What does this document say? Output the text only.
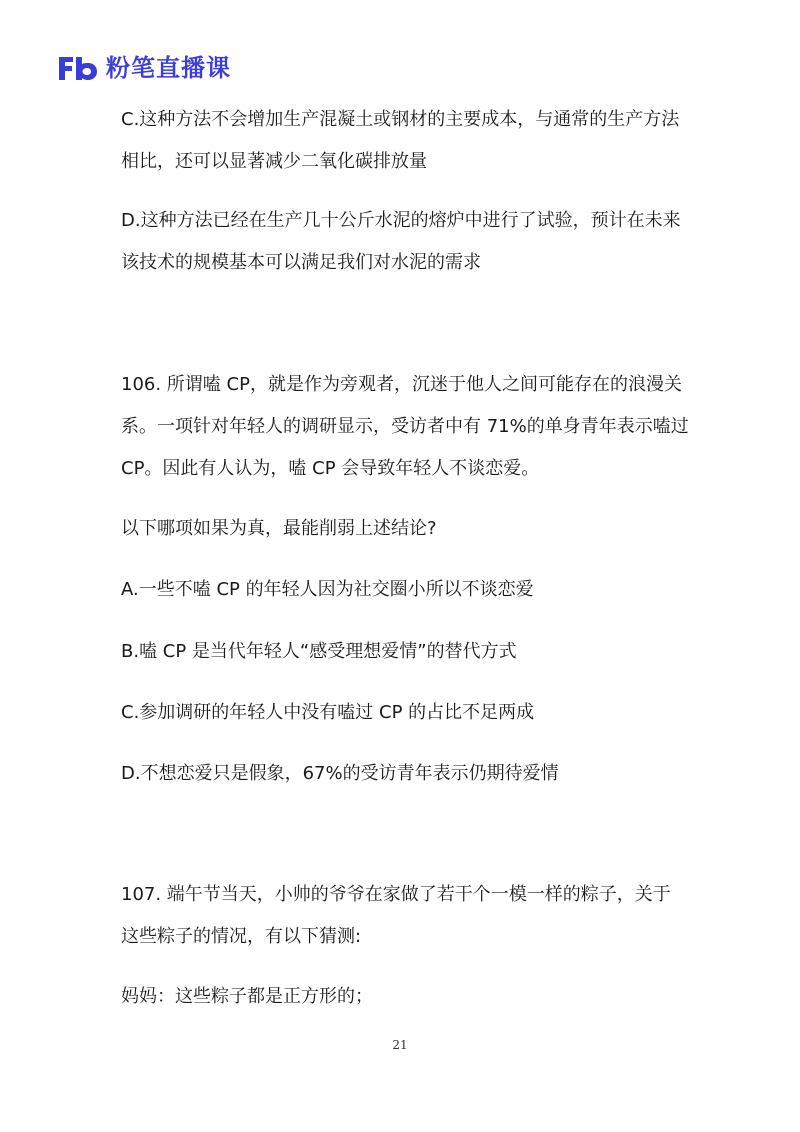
粉笔直播课
C.这种方法不会增加生产混凝土或钢材的主要成本，与通常的生产方法
相比，还可以显著减少二氧化碳排放量
D.这种方法已经在生产几十公斤水泥的熔炉中进行了试验，预计在未来
该技术的规模基本可以满足我们对水泥的需求
106. 所谓嗑 CP，就是作为旁观者，沉迷于他人之间可能存在的浪漫关
系。一项针对年轻人的调研显示，受访者中有 71%的单身青年表示嗑过
CP。因此有人认为，嗑 CP 会导致年轻人不谈恋爱。
以下哪项如果为真，最能削弱上述结论?
A.一些不嗑 CP 的年轻人因为社交圈小所以不谈恋爱
B.嗑 CP 是当代年轻人“感受理想爱情”的替代方式
C.参加调研的年轻人中没有嗑过 CP 的占比不足两成
D.不想恋爱只是假象，67%的受访青年表示仍期待爱情
107. 端午节当天，小帅的爷爷在家做了若干个一模一样的粽子，关于
这些粽子的情况，有以下猜测:
妈妈：这些粽子都是正方形的；
21
